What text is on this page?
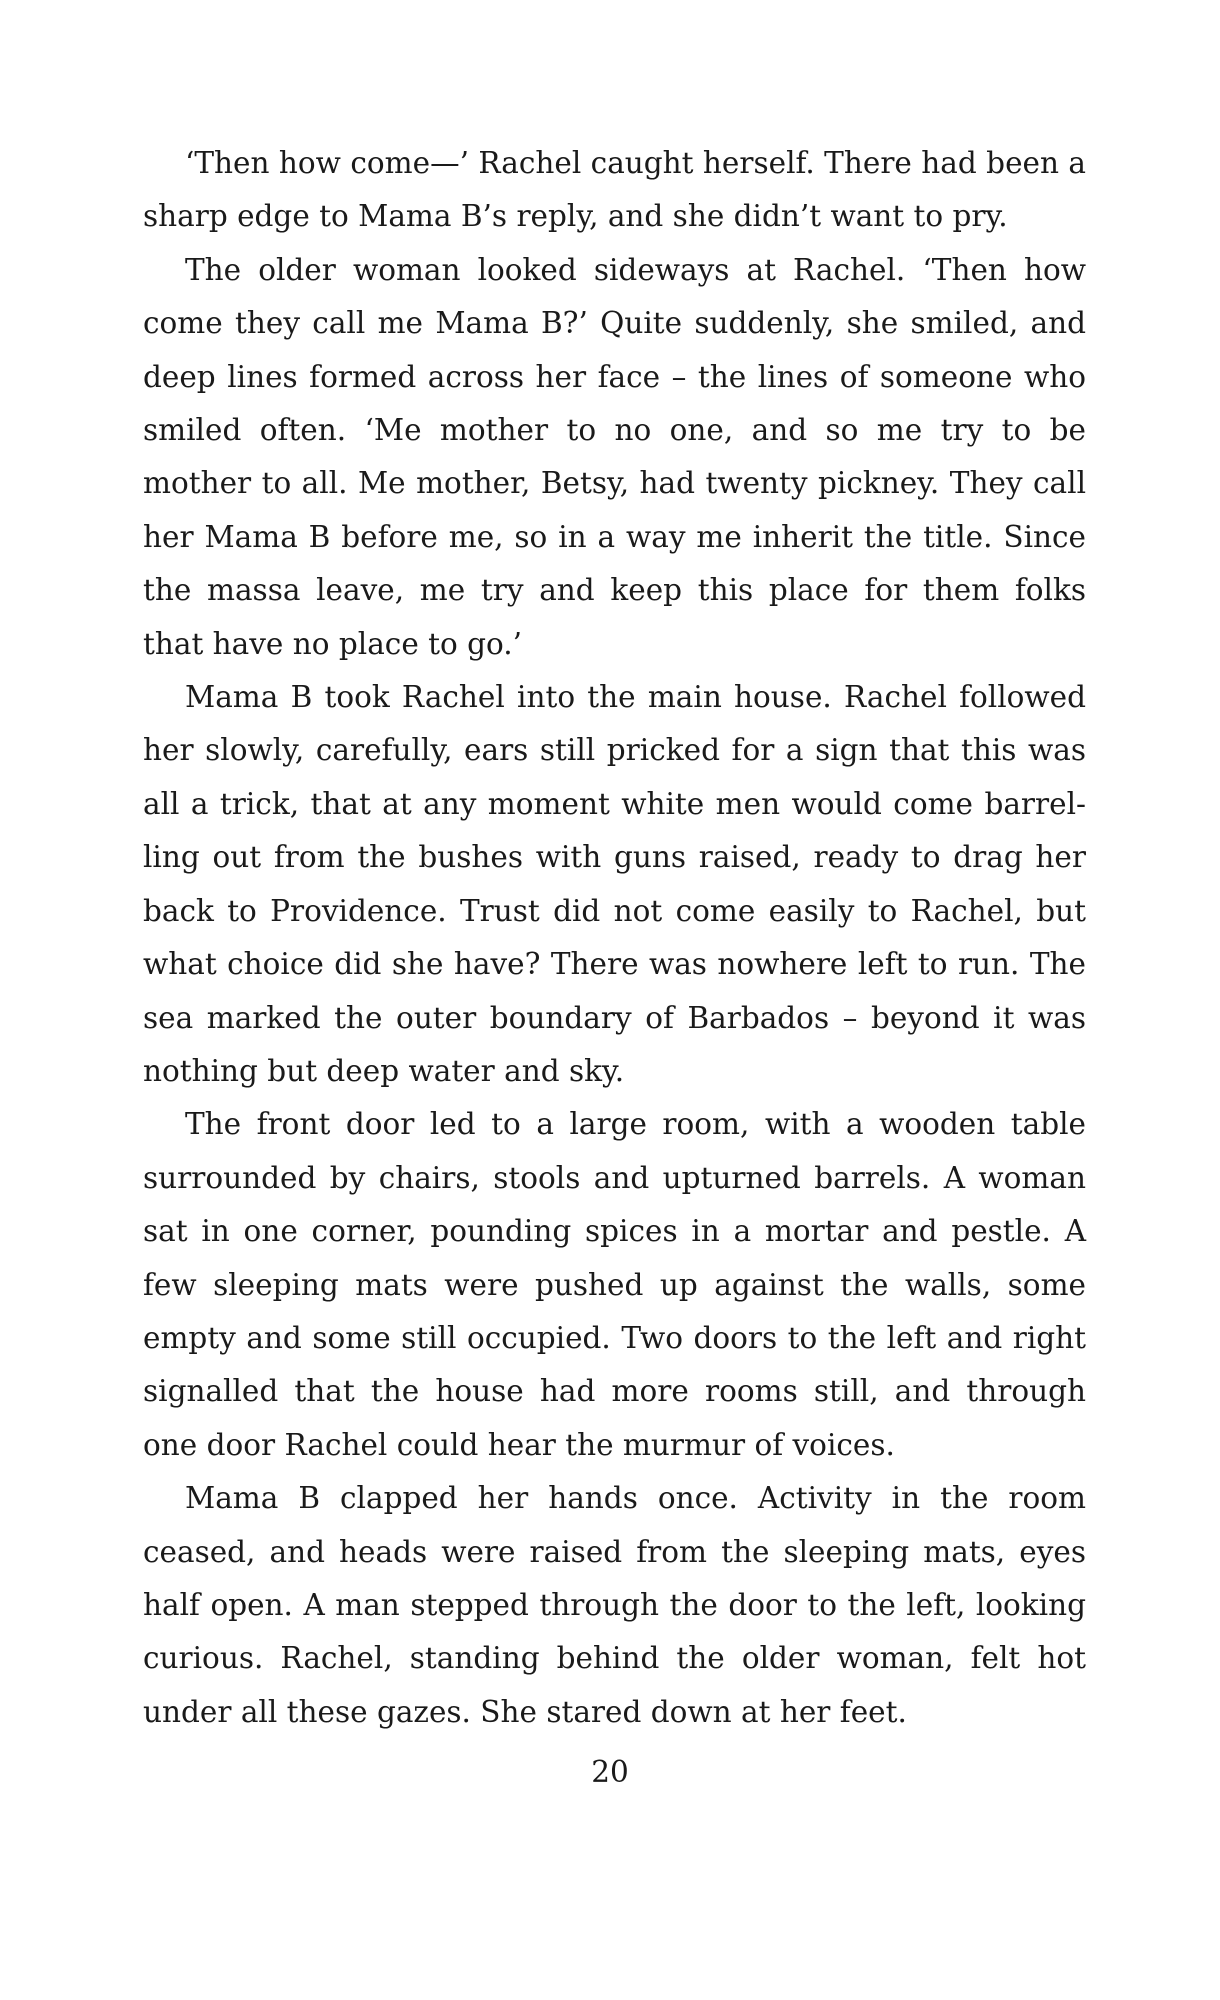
‘Then how come—’ Rachel caught herself. There had been a sharp edge to Mama B’s reply, and she didn’t want to pry.

The older woman looked sideways at Rachel. ‘Then how come they call me Mama B?’ Quite suddenly, she smiled, and deep lines formed across her face – the lines of someone who smiled often. ‘Me mother to no one, and so me try to be mother to all. Me mother, Betsy, had twenty pickney. They call her Mama B before me, so in a way me inherit the title. Since the massa leave, me try and keep this place for them folks that have no place to go.’

Mama B took Rachel into the main house. Rachel followed her slowly, carefully, ears still pricked for a sign that this was all a trick, that at any moment white men would come barrelling out from the bushes with guns raised, ready to drag her back to Providence. Trust did not come easily to Rachel, but what choice did she have? There was nowhere left to run. The sea marked the outer boundary of Barbados – beyond it was nothing but deep water and sky.

The front door led to a large room, with a wooden table surrounded by chairs, stools and upturned barrels. A woman sat in one corner, pounding spices in a mortar and pestle. A few sleeping mats were pushed up against the walls, some empty and some still occupied. Two doors to the left and right signalled that the house had more rooms still, and through one door Rachel could hear the murmur of voices.

Mama B clapped her hands once. Activity in the room ceased, and heads were raised from the sleeping mats, eyes half open. A man stepped through the door to the left, looking curious. Rachel, standing behind the older woman, felt hot under all these gazes. She stared down at her feet.

20
